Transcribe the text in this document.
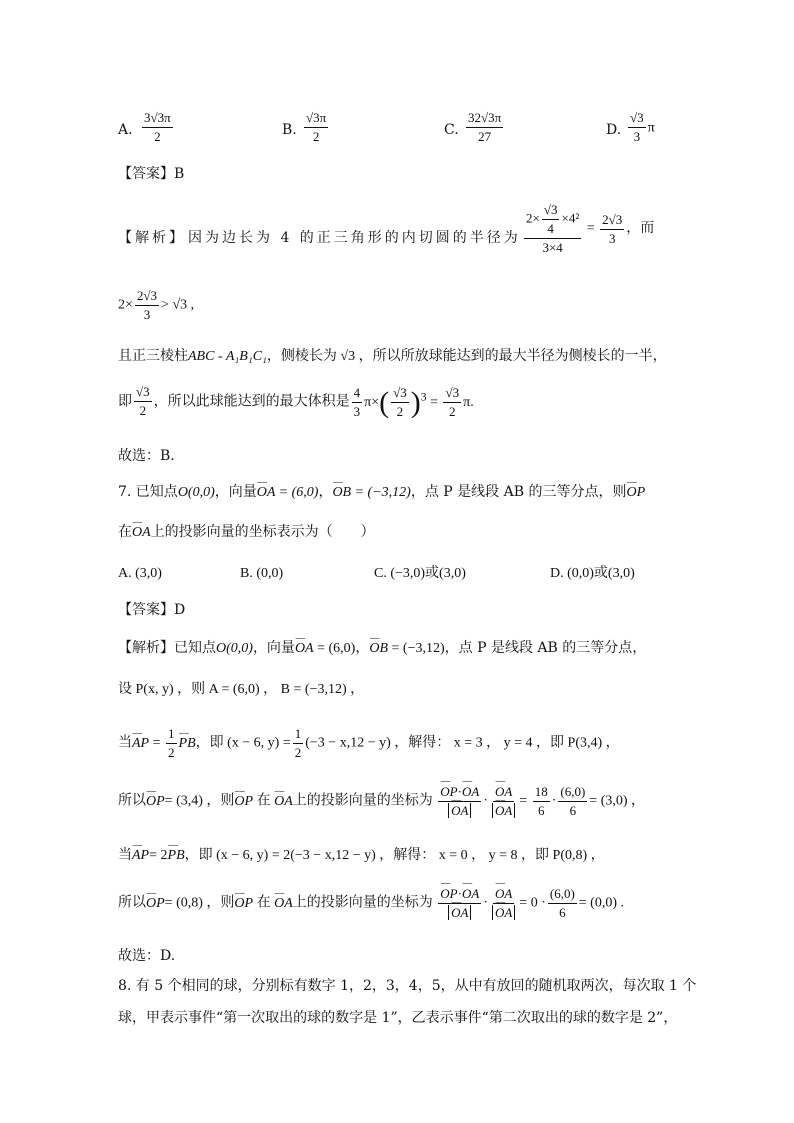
A. $\frac{3√3\pi}{2}$	B. $\frac{√3\pi}{2}$	C. $\frac{32√3\pi}{27}$	D. $\frac{√3}{3}$ π
【答案】B
【解析】 因为边长为 4 的正三角形的内切圆的半径为 $\frac{2\times \frac{√3}{4} \times 4^2}{3\times 4} = \frac{2√3}{3}$ ，而
$2\times \frac{2√3}{3} > √3$ ,
且正三棱柱ABC - A₁B₁C₁，侧棱长为 √3 ，所以所放球能达到的最大半径为侧棱长的一半，
即 $\frac{√3}{2}$ ，所以此球能达到的最大体积是 $\frac{4}{3} \pi\times( \frac{√3}{2} )^3 = \frac{√3}{2} \pi$.
故选：B.
7. 已知点O(0,0)，向量⌣⌣ OA = (6,0)，⌣⌣ OB = (−3,12)，点 P 是线段 AB 的三等分点，则⌣⌣ OP
在⌣⌣ OA上的投影向量的坐标表示为（　　）
A. (3,0)	B. (0,0)	C. (−3,0)或(3,0)	D. (0,0)或(3,0)
【答案】D
【解析】已知点O(0,0)，向量⌣⌣ OA = (6,0)，⌣⌣ OB = (−3,12)，点 P 是线段 AB 的三等分点，
设 P(x, y) ，则 A = (6,0) ， B = (−3,12) ，
当⌣⌣ AP = $\frac{1}{2}$ ⌣⌣ PB，即 (x − 6, $y) = \frac{1}{2} (-3 - x,12 - y)$ ，解得： x = 3 ， y = 4 ，即 P(3,4) ，
所以⌣⌣ OP= (3,4) ，则⌣⌣ OP 在 ⌣⌣ OA上的投影向量的坐标为 ⌣⌣ OP·⌣⌣ OA
⌣⌣ OA · ⌣⌣ OA
⌣⌣ OA = $\frac{18}{6} \cdot \frac{(6,0)}{6} = (3,0)$ ，
当⌣⌣ AP= 2⌣⌣ PB，即 (x − 6, y) = 2(−3 − x,12 − y) ，解得： x = 0 ， y = 8 ，即 P(0,8) ，
所以⌣⌣ OP= (0,8) ，则⌣⌣ OP 在 ⌣⌣ OA上的投影向量的坐标为 ⌣⌣ OP·⌣⌣ OA
⌣⌣ OA · ⌣⌣ OA
⌣⌣ OA = $0 \cdot \frac{(6,0)}{6} = (0,0)$ .
故选：D.
8. 有 5 个相同的球，分别标有数字 1，2，3，4，5，从中有放回的随机取两次，每次取 1 个
球，甲表示事件“第一次取出的球的数字是 1”，乙表示事件“第二次取出的球的数字是 2”，
